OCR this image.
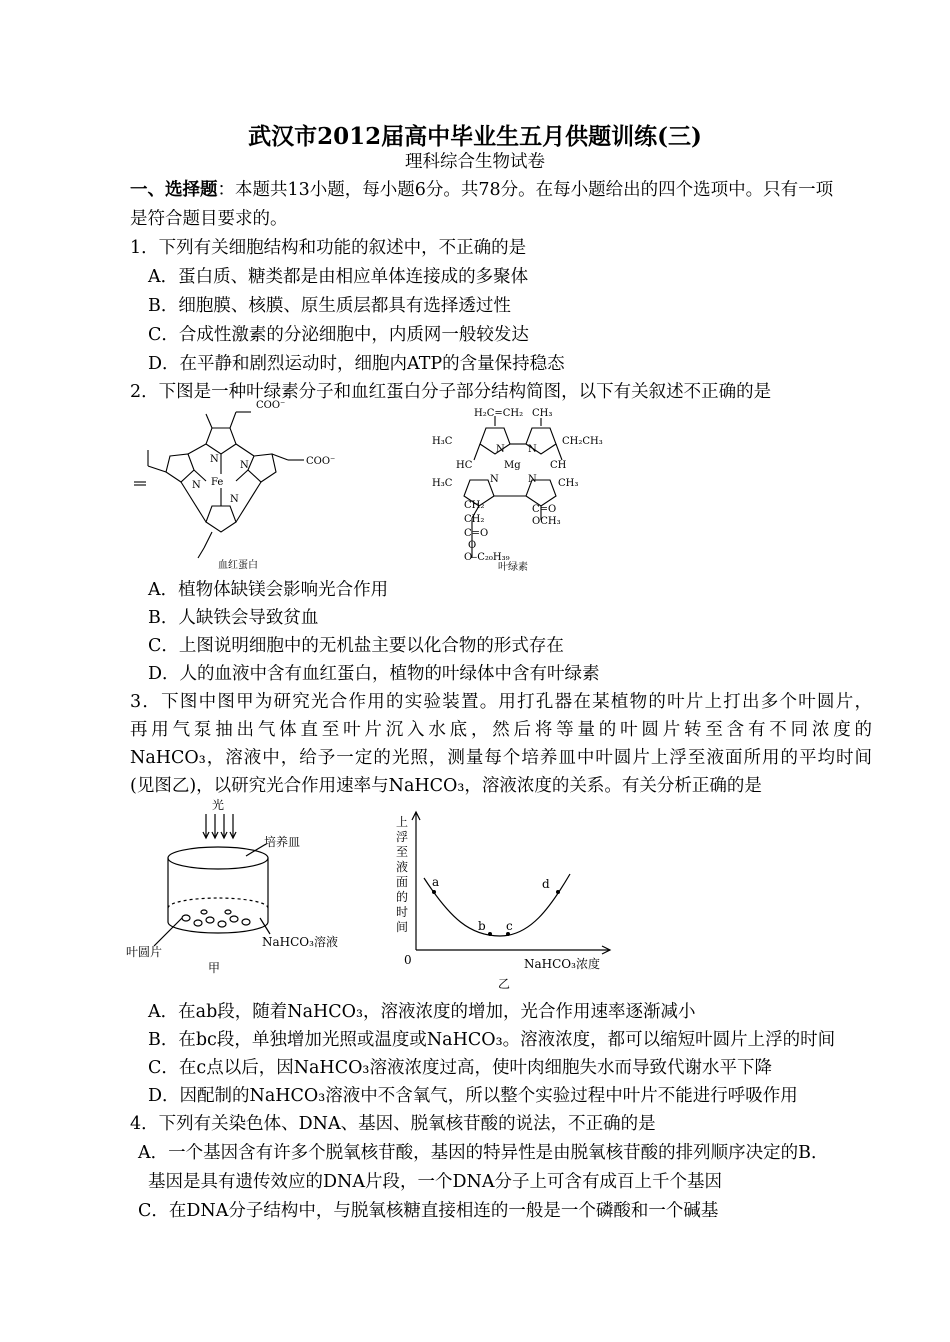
武汉市2012届高中毕业生五月供题训练(三)
理科综合生物试卷
一、选择题：本题共13小题，每小题6分。共78分。在每小题给出的四个选项中。只有一项
是符合题目要求的。
1．下列有关细胞结构和功能的叙述中，不正确的是
A．蛋白质、糖类都是由相应单体连接成的多聚体
B．细胞膜、核膜、原生质层都具有选择透过性
C．合成性激素的分泌细胞中，内质网一般较发达
D．在平静和剧烈运动时，细胞内ATP的含量保持稳态
2．下图是一种叶绿素分子和血红蛋白分子部分结构简图，以下有关叙述不正确的是
COO⁻
COO⁻
N
N
N
N
Fe
血红蛋白
H₂C=CH₂ CH₃
H₃C	CH₂CH₃
HC	CH
H₃C	CH₃
CH₂
CH₂
C=O
O
O–C₂₀H₃₉
C=O
OCH₃
N N
N	N
Mg
叶绿素
A．植物体缺镁会影响光合作用
B．人缺铁会导致贫血
C．上图说明细胞中的无机盐主要以化合物的形式存在
D．人的血液中含有血红蛋白，植物的叶绿体中含有叶绿素
3．下图中图甲为研究光合作用的实验装置。用打孔器在某植物的叶片上打出多个叶圆片，
再用气泵抽出气体直至叶片沉入水底，然后将等量的叶圆片转至含有不同浓度的
NaHCO₃，溶液中，给予一定的光照，测量每个培养皿中叶圆片上浮至液面所用的平均时间
(见图乙)，以研究光合作用速率与NaHCO₃，溶液浓度的关系。有关分析正确的是
光
培养皿
叶圆片
NaHCO₃溶液
甲
上
浮
至
液
面
的
时
间
a
b c
d
0	NaHCO₃浓度
乙
A．在ab段，随着NaHCO₃，溶液浓度的增加，光合作用速率逐渐减小
B．在bc段，单独增加光照或温度或NaHCO₃。溶液浓度，都可以缩短叶圆片上浮的时间
C．在c点以后，因NaHCO₃溶液浓度过高，使叶肉细胞失水而导致代谢水平下降
D．因配制的NaHCO₃溶液中不含氧气，所以整个实验过程中叶片不能进行呼吸作用
4．下列有关染色体、DNA、基因、脱氧核苷酸的说法，不正确的是
A．一个基因含有许多个脱氧核苷酸，基因的特异性是由脱氧核苷酸的排列顺序决定的B．
基因是具有遗传效应的DNA片段，一个DNA分子上可含有成百上千个基因
C．在DNA分子结构中，与脱氧核糖直接相连的一般是一个磷酸和一个碱基
